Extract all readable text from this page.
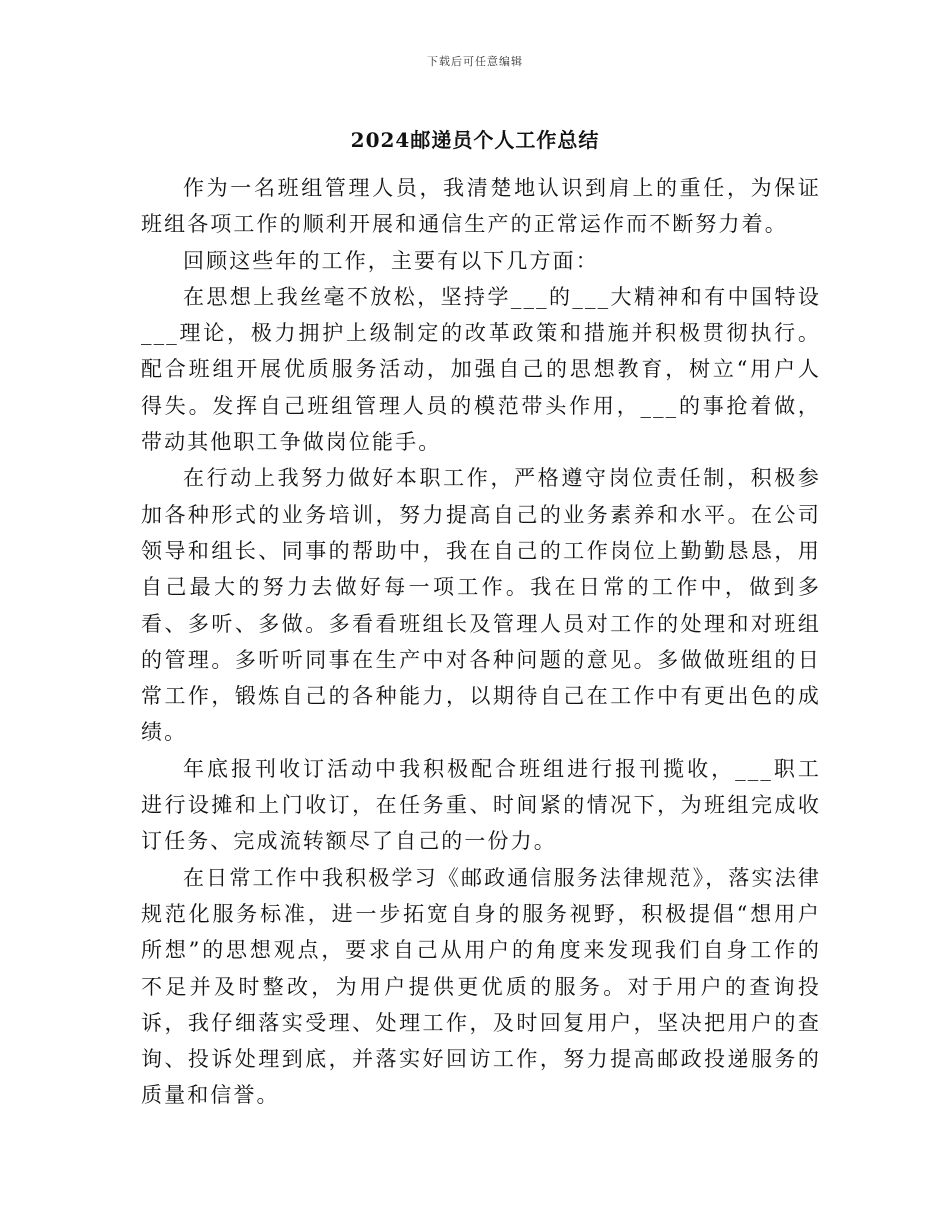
下载后可任意编辑
2024邮递员个人工作总结

作为一名班组管理人员，我清楚地认识到肩上的重任，为保证班组各项工作的顺利开展和通信生产的正常运作而不断努力着。

回顾这些年的工作，主要有以下几方面：

在思想上我丝毫不放松，坚持学___的___大精神和有中国特设___理论，极力拥护上级制定的改革政策和措施并积极贯彻执行。配合班组开展优质服务活动，加强自己的思想教育，树立“用户人得失。发挥自己班组管理人员的模范带头作用，___的事抢着做，带动其他职工争做岗位能手。

在行动上我努力做好本职工作，严格遵守岗位责任制，积极参加各种形式的业务培训，努力提高自己的业务素养和水平。在公司领导和组长、同事的帮助中，我在自己的工作岗位上勤勤恳恳，用自己最大的努力去做好每一项工作。我在日常的工作中，做到多看、多听、多做。多看看班组长及管理人员对工作的处理和对班组的管理。多听听同事在生产中对各种问题的意见。多做做班组的日常工作，锻炼自己的各种能力，以期待自己在工作中有更出色的成绩。

年底报刊收订活动中我积极配合班组进行报刊揽收，___职工进行设摊和上门收订，在任务重、时间紧的情况下，为班组完成收订任务、完成流转额尽了自己的一份力。

在日常工作中我积极学习《邮政通信服务法律规范》，落实法律规范化服务标准，进一步拓宽自身的服务视野，积极提倡“想用户所想”的思想观点，要求自己从用户的角度来发现我们自身工作的不足并及时整改，为用户提供更优质的服务。对于用户的查询投诉，我仔细落实受理、处理工作，及时回复用户，坚决把用户的查询、投诉处理到底，并落实好回访工作，努力提高邮政投递服务的质量和信誉。
